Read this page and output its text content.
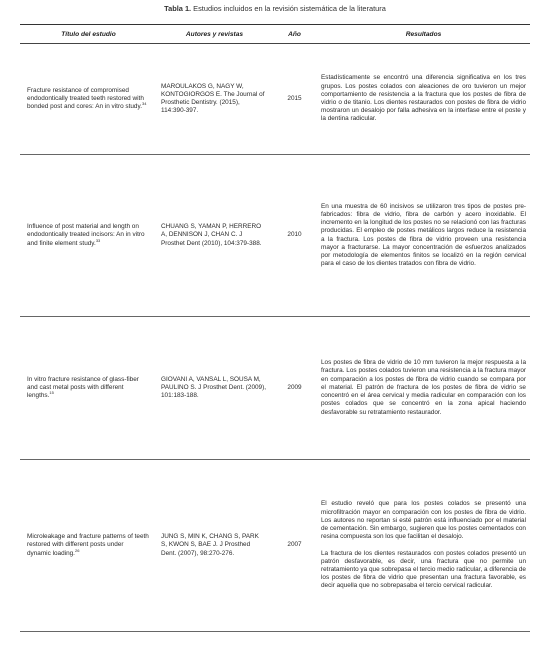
Tabla 1. Estudios incluidos en la revisión sistemática de la literatura
Título del estudio	Autores y revistas	Año	Resultados
Fracture resistance of compromised endodontically treated teeth restored with bonded post and cores: An in vitro study.$^{34}$	MAROULAKOS G, NAGY W, KONTOGIORGOS E. The Journal of Prosthetic Dentistry. (2015), 114:390-397.	2015	Estadísticamente se encontró una diferencia significativa en los tres grupos. Los postes colados con aleaciones de oro tuvieron un mejor comportamiento de resistencia a la fractura que los postes de fibra de vidrio o de titanio. Los dientes restaurados con postes de fibra de vidrio mostraron un desalojo por falla adhesiva en la interfase entre el poste y la dentina radicular.

Influence of post material and length on endodontically treated incisors: An in vitro and finite element study.$^{33}$	CHUANG S, YAMAN P, HERRERO A, DENNISON J, CHAN C. J Prosthet Dent (2010), 104:379-388.	2010	En una muestra de 60 incisivos se utilizaron tres tipos de postes pre-fabricados: fibra de vidrio, fibra de carbón y acero inoxidable. El incremento en la longitud de los postes no se relacionó con las fracturas producidas. El empleo de postes metálicos largos reduce la resistencia a la fractura. Los postes de fibra de vidrio proveen una resistencia mayor a fracturarse. La mayor concentración de esfuerzos analizados por metodología de elementos finitos se localizó en la región cervical para el caso de los dientes tratados con fibra de vidrio.

In vitro fracture resistance of glass-fiber and cast metal posts with different lengths.$^{15}$	GIOVANI A, VANSAL L, SOUSA M, PAULINO S. J Prosthet Dent. (2009), 101:183-188.	2009	Los postes de fibra de vidrio de 10 mm tuvieron la mejor respuesta a la fractura. Los postes colados tuvieron una resistencia a la fractura mayor en comparación a los postes de fibra de vidrio cuando se compara por el material. El patrón de fractura de los postes de fibra de vidrio se concentró en el área cervical y media radicular en comparación con los postes colados que se concentró en la zona apical haciendo desfavorable su retratamiento restaurador.

Microleakage and fracture patterns of teeth restored with different posts under dynamic loading.$^{26}$	JUNG S, MIN K, CHANG S, PARK S, KWON S, BAE J. J Prosthed Dent. (2007), 98:270-276.	2007	El estudio reveló que para los postes colados se presentó una microfiltración mayor en comparación con los postes de fibra de vidrio. Los autores no reportan si esté patrón está influenciado por el material de cementación. Sin embargo, sugieren que los postes cementados con resina compuesta son los que facilitan el desalojo.

La fractura de los dientes restaurados con postes colados presentó un patrón desfavorable, es decir, una fractura que no permite un retratamiento ya que sobrepasa el tercio medio radicular, a diferencia de los postes de fibra de vidrio que presentan una fractura favorable, es decir aquella que no sobrepasaba el tercio cervical radicular.
